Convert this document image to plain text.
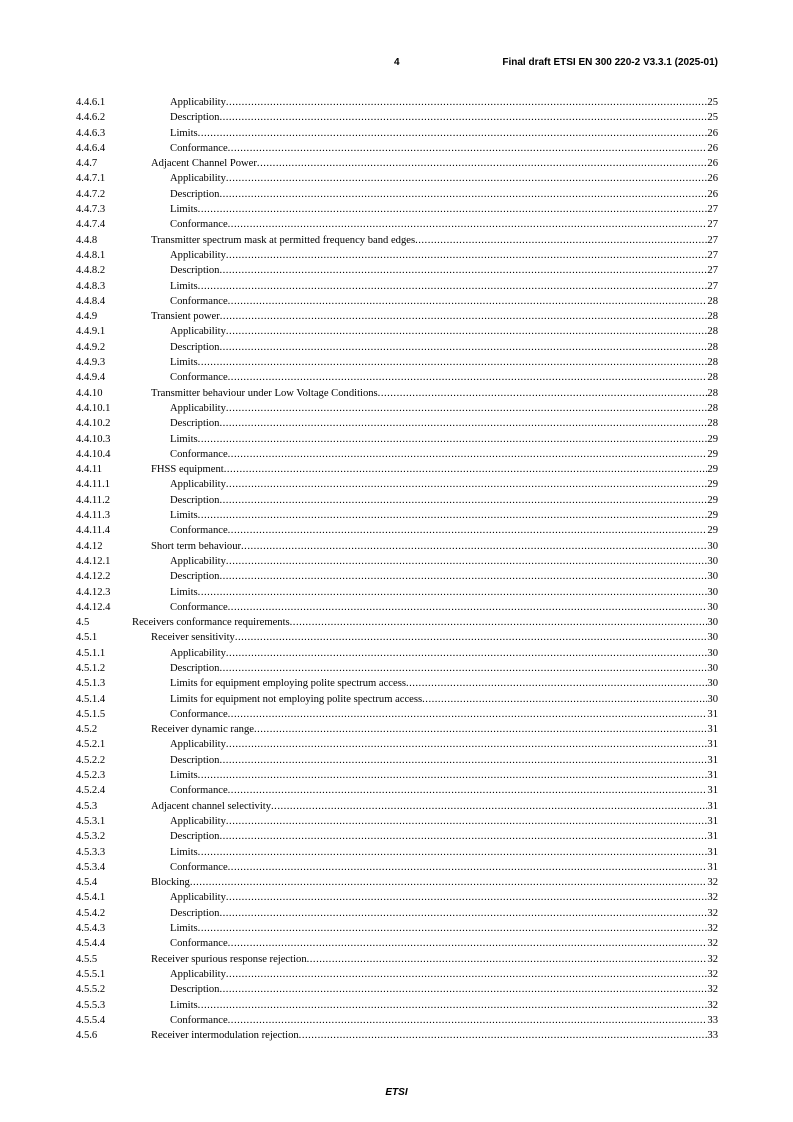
4	Final draft ETSI EN 300 220-2 V3.3.1 (2025-01)
4.4.6.1	Applicability .....	25
4.4.6.2	Description .....	25
4.4.6.3	Limits .....	26
4.4.6.4	Conformance .....	26
4.4.7	Adjacent Channel Power .....	26
4.4.7.1	Applicability .....	26
4.4.7.2	Description .....	26
4.4.7.3	Limits .....	27
4.4.7.4	Conformance .....	27
4.4.8	Transmitter spectrum mask at permitted frequency band edges .....	27
4.4.8.1	Applicability .....	27
4.4.8.2	Description .....	27
4.4.8.3	Limits .....	27
4.4.8.4	Conformance .....	28
4.4.9	Transient power .....	28
4.4.9.1	Applicability .....	28
4.4.9.2	Description .....	28
4.4.9.3	Limits .....	28
4.4.9.4	Conformance .....	28
4.4.10	Transmitter behaviour under Low Voltage Conditions .....	28
4.4.10.1	Applicability .....	28
4.4.10.2	Description .....	28
4.4.10.3	Limits .....	29
4.4.10.4	Conformance .....	29
4.4.11	FHSS equipment .....	29
4.4.11.1	Applicability .....	29
4.4.11.2	Description .....	29
4.4.11.3	Limits .....	29
4.4.11.4	Conformance .....	29
4.4.12	Short term behaviour .....	30
4.4.12.1	Applicability .....	30
4.4.12.2	Description .....	30
4.4.12.3	Limits .....	30
4.4.12.4	Conformance .....	30
4.5	Receivers conformance requirements .....	30
4.5.1	Receiver sensitivity .....	30
4.5.1.1	Applicability .....	30
4.5.1.2	Description .....	30
4.5.1.3	Limits for equipment employing polite spectrum access .....	30
4.5.1.4	Limits for equipment not employing polite spectrum access .....	30
4.5.1.5	Conformance .....	31
4.5.2	Receiver dynamic range .....	31
4.5.2.1	Applicability .....	31
4.5.2.2	Description .....	31
4.5.2.3	Limits .....	31
4.5.2.4	Conformance .....	31
4.5.3	Adjacent channel selectivity .....	31
4.5.3.1	Applicability .....	31
4.5.3.2	Description .....	31
4.5.3.3	Limits .....	31
4.5.3.4	Conformance .....	31
4.5.4	Blocking .....	32
4.5.4.1	Applicability .....	32
4.5.4.2	Description .....	32
4.5.4.3	Limits .....	32
4.5.4.4	Conformance .....	32
4.5.5	Receiver spurious response rejection .....	32
4.5.5.1	Applicability .....	32
4.5.5.2	Description .....	32
4.5.5.3	Limits .....	32
4.5.5.4	Conformance .....	33
4.5.6	Receiver intermodulation rejection .....	33
ETSI
